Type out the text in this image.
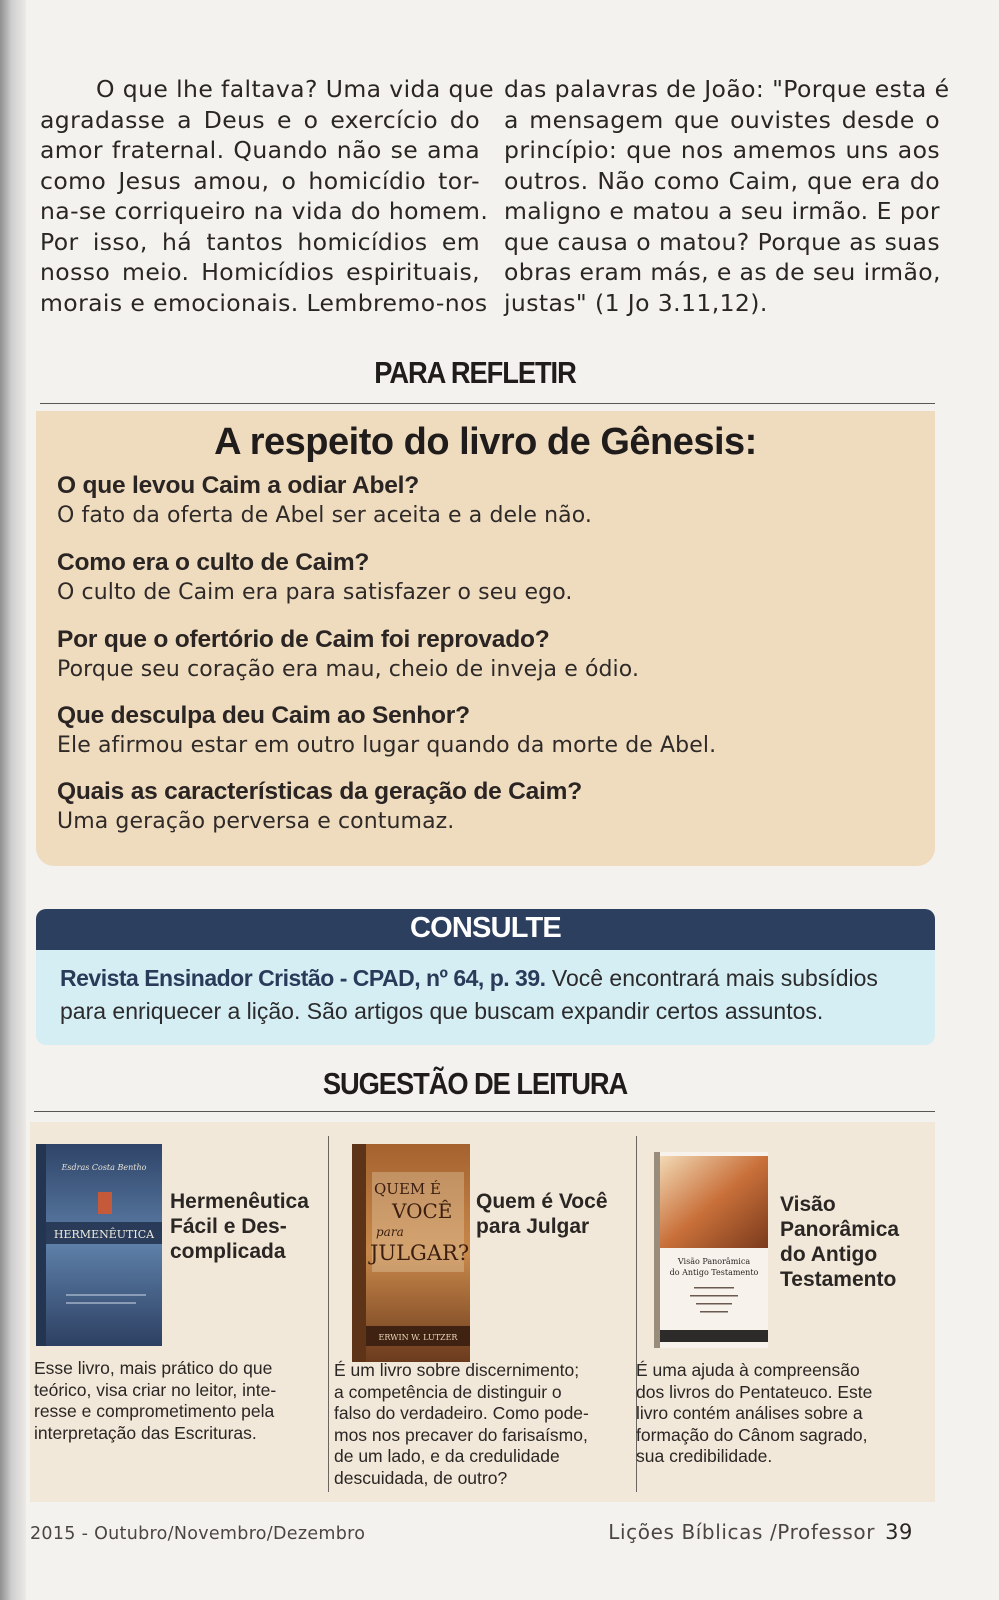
O que lhe faltava? Uma vida que

agradasse a Deus e o exercício do

amor fraternal. Quando não se ama

como Jesus amou, o homicídio tor-

na-se corriqueiro na vida do homem.

Por isso, há tantos homicídios em

nosso meio. Homicídios espirituais,

morais e emocionais. Lembremo-nos

das palavras de João: "Porque esta é

a mensagem que ouvistes desde o

princípio: que nos amemos uns aos

outros. Não como Caim, que era do

maligno e matou a seu irmão. E por

que causa o matou? Porque as suas

obras eram más, e as de seu irmão,

justas" (1 Jo 3.11,12).

PARA REFLETIR
A respeito do livro de Gênesis:
O que levou Caim a odiar Abel?
O fato da oferta de Abel ser aceita e a dele não.
Como era o culto de Caim?
O culto de Caim era para satisfazer o seu ego.
Por que o ofertório de Caim foi reprovado?
Porque seu coração era mau, cheio de inveja e ódio.
Que desculpa deu Caim ao Senhor?
Ele afirmou estar em outro lugar quando da morte de Abel.
Quais as características da geração de Caim?
Uma geração perversa e contumaz.
CONSULTE
Revista Ensinador Cristão - CPAD, nº 64, p. 39. Você encontrará mais subsídios
para enriquecer a lição. São artigos que buscam expandir certos assuntos.
SUGESTÃO DE LEITURA
Esdras Costa Bentho
HERMENÊUTICA
Hermenêutica
Fácil e Des-
complicada
Esse livro, mais prático do que
teórico, visa criar no leitor, inte-
resse e comprometimento pela
interpretação das Escrituras.
QUEM É
VOCÊ
para
JULGAR?
ERWIN W. LUTZER
Quem é Você
para Julgar
É um livro sobre discernimento;
a competência de distinguir o
falso do verdadeiro. Como pode-
mos nos precaver do farisaísmo,
de um lado, e da credulidade
descuidada, de outro?
Visão Panorâmica
do Antigo Testamento
Visão
Panorâmica
do Antigo
Testamento
É uma ajuda à compreensão
dos livros do Pentateuco. Este
livro contém análises sobre a
formação do Cânom sagrado,
sua credibilidade.
2015 - Outubro/Novembro/Dezembro	Lições Bíblicas /Professor 39
